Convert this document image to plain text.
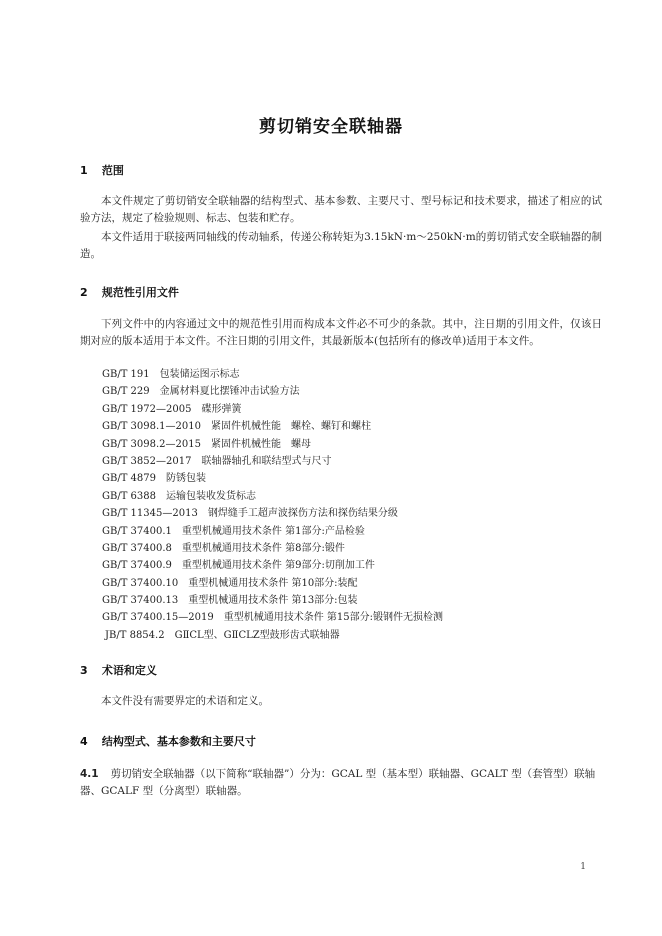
剪切销安全联轴器
1 范围

本文件规定了剪切销安全联轴器的结构型式、基本参数、主要尺寸、型号标记和技术要求，描述了相应的试验方法，规定了检验规则、标志、包装和贮存。

本文件适用于联接两同轴线的传动轴系，传递公称转矩为3.15kN·m～250kN·m的剪切销式安全联轴器的制造。

2 规范性引用文件

下列文件中的内容通过文中的规范性引用而构成本文件必不可少的条款。其中，注日期的引用文件，仅该日期对应的版本适用于本文件。不注日期的引用文件，其最新版本(包括所有的修改单)适用于本文件。

GB/T 191 包装储运图示标志
GB/T 229 金属材料夏比摆锤冲击试验方法
GB/T 1972—2005 碟形弹簧
GB/T 3098.1—2010 紧固件机械性能　螺栓、螺钉和螺柱
GB/T 3098.2—2015 紧固件机械性能　螺母
GB/T 3852—2017 联轴器轴孔和联结型式与尺寸
GB/T 4879 防锈包装
GB/T 6388 运输包装收发货标志
GB/T 11345—2013 钢焊缝手工超声波探伤方法和探伤结果分级
GB/T 37400.1 重型机械通用技术条件 第1部分:产品检验
GB/T 37400.8 重型机械通用技术条件 第8部分:锻件
GB/T 37400.9 重型机械通用技术条件 第9部分:切削加工件
GB/T 37400.10 重型机械通用技术条件 第10部分:装配
GB/T 37400.13 重型机械通用技术条件 第13部分:包装
GB/T 37400.15—2019 重型机械通用技术条件 第15部分:锻钢件无损检测
JB/T 8854.2 GⅡCL型、GⅡCLZ型鼓形齿式联轴器
3 术语和定义

本文件没有需要界定的术语和定义。

4 结构型式、基本参数和主要尺寸

4.1 剪切销安全联轴器（以下简称“联轴器”）分为：GCAL 型（基本型）联轴器、GCALT 型（套管型）联轴器、GCALF 型（分离型）联轴器。

1
